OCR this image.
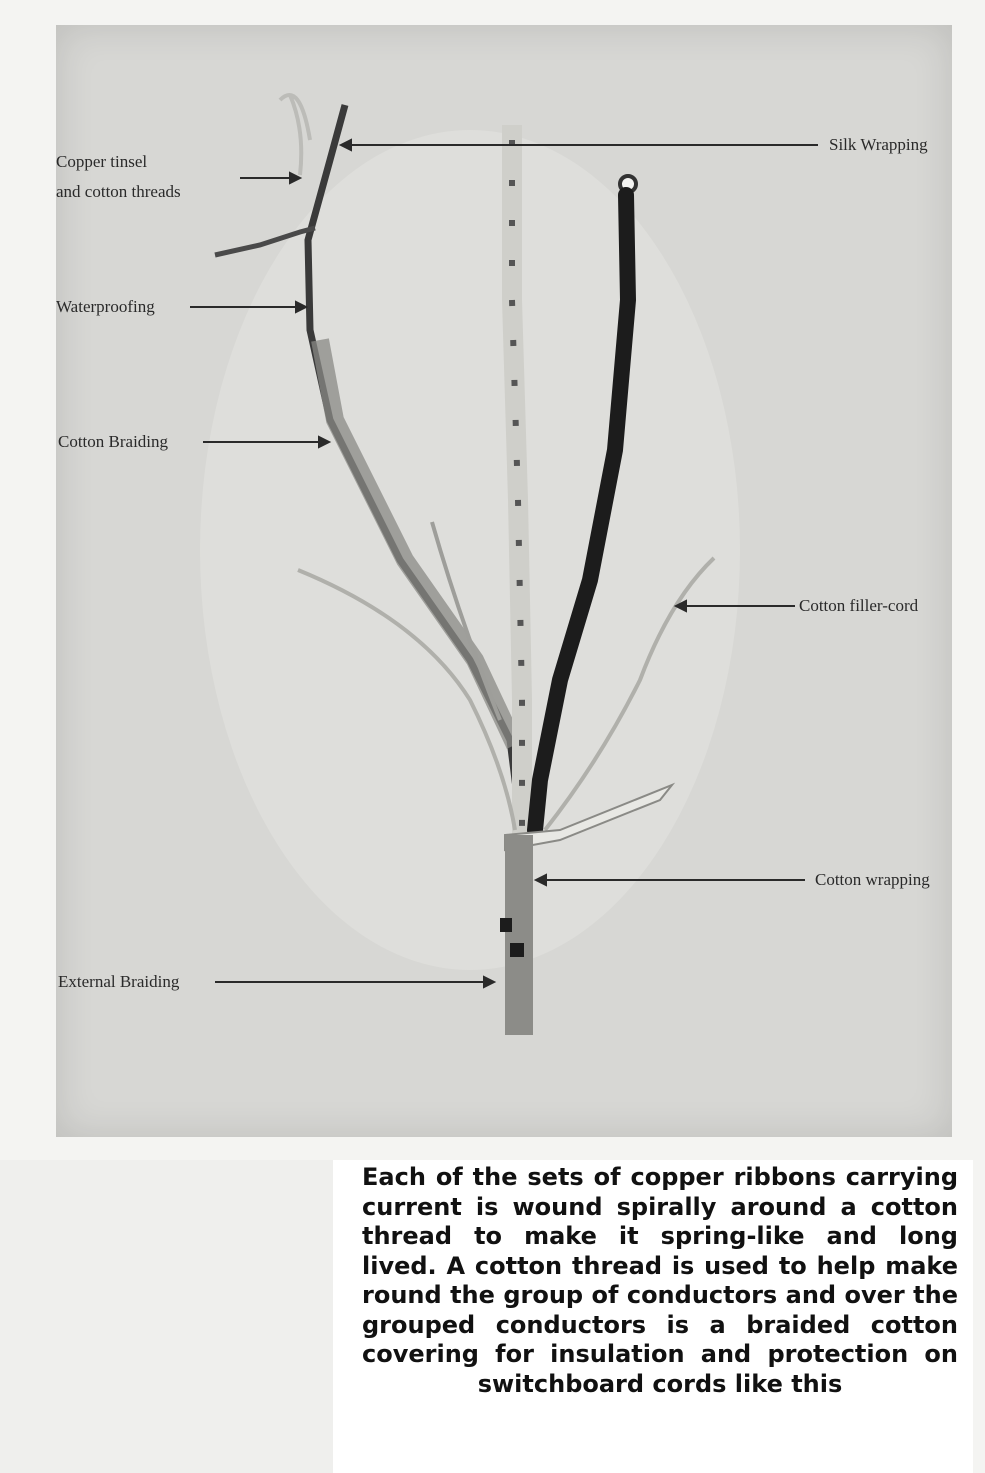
Copper tinsel
and cotton threads
Waterproofing
Cotton Braiding
External Braiding
Silk Wrapping
Cotton filler-cord
Cotton wrapping
Each of the sets of copper ribbons carrying current is wound spirally around a cotton thread to make it spring-like and long lived. A cotton thread is used to help make round the group of conductors and over the grouped conductors is a braided cotton covering for insulation and protection on switchboard cords like this
